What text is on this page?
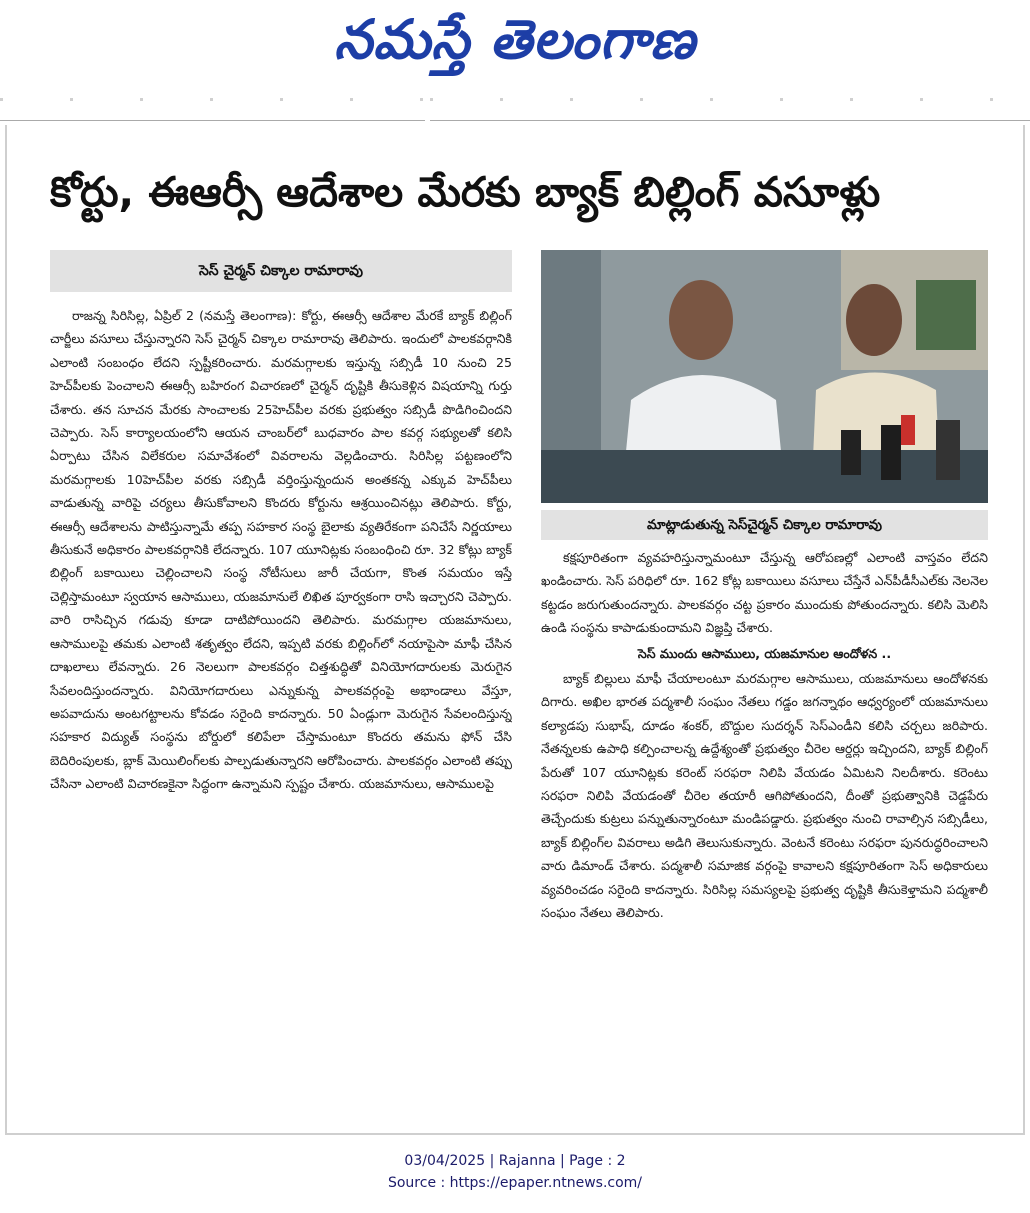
నమస్తే తెలంగాణ
కోర్టు, ఈఆర్సీ ఆదేశాల మేరకు బ్యాక్ బిల్లింగ్ వసూళ్లు
సెస్ చైర్మన్ చిక్కాల రామారావు

రాజన్న సిరిసిల్ల, ఏప్రిల్ 2 (నమస్తే తెలంగాణ): కోర్టు, ఈఆర్సీ ఆదేశాల మేరకే బ్యాక్ బిల్లింగ్ చార్జీలు వసూలు చేస్తున్నారని సెస్ చైర్మన్ చిక్కాల రామారావు తెలిపారు. ఇందులో పాలకవర్గానికి ఎలాంటి సంబంధం లేదని స్పష్టీకరించారు. మరమగ్గాలకు ఇస్తున్న సబ్సిడీ 10 నుంచి 25 హెచ్‌పీలకు పెంచాలని ఈఆర్సీ బహిరంగ విచారణలో చైర్మన్ దృష్టికి తీసుకెళ్లిన విషయాన్ని గుర్తు చేశారు. తన సూచన మేరకు సాంచాలకు 25హెచ్‌పీల వరకు ప్రభుత్వం సబ్సిడీ పొడిగించిందని చెప్పారు. సెస్ కార్యాలయంలోని ఆయన చాంబర్‌లో బుధవారం పాల కవర్గ సభ్యులతో కలిసి ఏర్పాటు చేసిన విలేకరుల సమావేశంలో వివరాలను వెల్లడించారు. సిరిసిల్ల పట్టణంలోని మరమగ్గాలకు 10హెచ్‌పీల వరకు సబ్సిడీ వర్తింస్తున్నందున అంతకన్న ఎక్కువ హెచ్‌పీలు వాడుతున్న వారిపై చర్యలు తీసుకోవాలని కొందరు కోర్టును ఆశ్రయించినట్లు తెలిపారు. కోర్టు, ఈఆర్సీ ఆదేశాలను పాటిస్తున్నామే తప్ప సహకార సంస్థ బైలాకు వ్యతిరేకంగా పనిచేసే నిర్ణయాలు తీసుకునే అధికారం పాలకవర్గానికి లేదన్నారు. 107 యూనిట్లకు సంబంధించి రూ. 32 కోట్లు బ్యాక్ బిల్లింగ్ బకాయిలు చెల్లించాలని సంస్థ నోటీసులు జారీ చేయగా, కొంత సమయం ఇస్తే చెల్లిస్తామంటూ స్వయాన ఆసాములు, యజమానులే లిఖిత పూర్వకంగా రాసి ఇచ్చారని చెప్పారు. వారి రాసిచ్చిన గడువు కూడా దాటిపోయిందని తెలిపారు. మరమగ్గాల యజమానులు, ఆసాములపై తమకు ఎలాంటి శతృత్వం లేదని, ఇప్పటి వరకు బిల్లింగ్‌లో నయాపైసా మాఫీ చేసిన దాఖలాలు లేవన్నారు. 26 నెలలుగా పాలకవర్గం చిత్తశుద్ధితో వినియోగదారులకు మెరుగైన సేవలందిస్తుందన్నారు. వినియోగదారులు ఎన్నుకున్న పాలకవర్గంపై అభాండాలు వేస్తూ, అపవాదును అంటగట్టాలను కోవడం సరైంది కాదన్నారు. 50 ఏండ్లుగా మెరుగైన సేవలందిస్తున్న సహకార విద్యుత్ సంస్థను బోర్డులో కలిపేలా చేస్తామంటూ కొందరు తమను ఫోన్ చేసి బెదిరింపులకు, బ్లాక్ మెయిలింగ్‌లకు పాల్పడుతున్నారని ఆరోపించారు. పాలకవర్గం ఎలాంటి తప్పు చేసినా ఎలాంటి విచారణకైనా సిద్ధంగా ఉన్నామని స్పష్టం చేశారు. యజమానులు, ఆసాములపై

మాట్లాడుతున్న సెస్‌చైర్మన్ చిక్కాల రామారావు

కక్షపూరితంగా వ్యవహరిస్తున్నామంటూ చేస్తున్న ఆరోపణల్లో ఎలాంటి వాస్తవం లేదని ఖండించారు. సెస్ పరిధిలో రూ. 162 కోట్ల బకాయిలు వసూలు చేస్తేనే ఎన్‌పీడీసీఎల్‌కు నెలనెల కట్టడం జరుగుతుందన్నారు. పాలకవర్గం చట్ట ప్రకారం ముందుకు పోతుందన్నారు. కలిసి మెలిసి ఉండి సంస్థను కాపాడుకుందామని విజ్ఞప్తి చేశారు.

సెస్ ముందు ఆసాములు, యజమానుల ఆందోళన ..

బ్యాక్ బిల్లులు మాఫీ చేయాలంటూ మరమగ్గాల ఆసాములు, యజమానులు ఆందోళనకు దిగారు. అఖిల భారత పద్మశాలీ సంఘం నేతలు గడ్డం జగన్నాథం ఆధ్వర్యంలో యజమానులు కల్యాడపు సుభాష్, దూడం శంకర్, బొద్దుల సుదర్శన్ సెస్ఎండీని కలిసి చర్చలు జరిపారు. నేతన్నలకు ఉపాధి కల్పించాలన్న ఉద్దేశ్యంతో ప్రభుత్వం చీరెల ఆర్డర్లు ఇచ్చిందని, బ్యాక్ బిల్లింగ్ పేరుతో 107 యూనిట్లకు కరెంట్ సరఫరా నిలిపి వేయడం ఏమిటని నిలదీశారు. కరెంటు సరఫరా నిలిపి వేయడంతో చీరెల తయారీ ఆగిపోతుందని, దీంతో ప్రభుత్వానికి చెడ్డపేరు తెచ్చేందుకు కుట్రలు పన్నుతున్నారంటూ మండిపడ్డారు. ప్రభుత్వం నుంచి రావాల్సిన సబ్సిడీలు, బ్యాక్ బిల్లింగ్‌ల వివరాలు అడిగి తెలుసుకున్నారు. వెంటనే కరెంటు సరఫరా పునరుద్ధరించాలని వారు డిమాండ్ చేశారు. పద్మశాలీ సమాజిక వర్గంపై కావాలని కక్షపూరితంగా సెస్ అధికారులు వ్యవరించడం సరైంది కాదన్నారు. సిరిసిల్ల సమస్యలపై ప్రభుత్వ దృష్టికి తీసుకెళ్తామని పద్మశాలీ సంఘం నేతలు తెలిపారు.

03/04/2025 | Rajanna | Page : 2
Source : https://epaper.ntnews.com/
